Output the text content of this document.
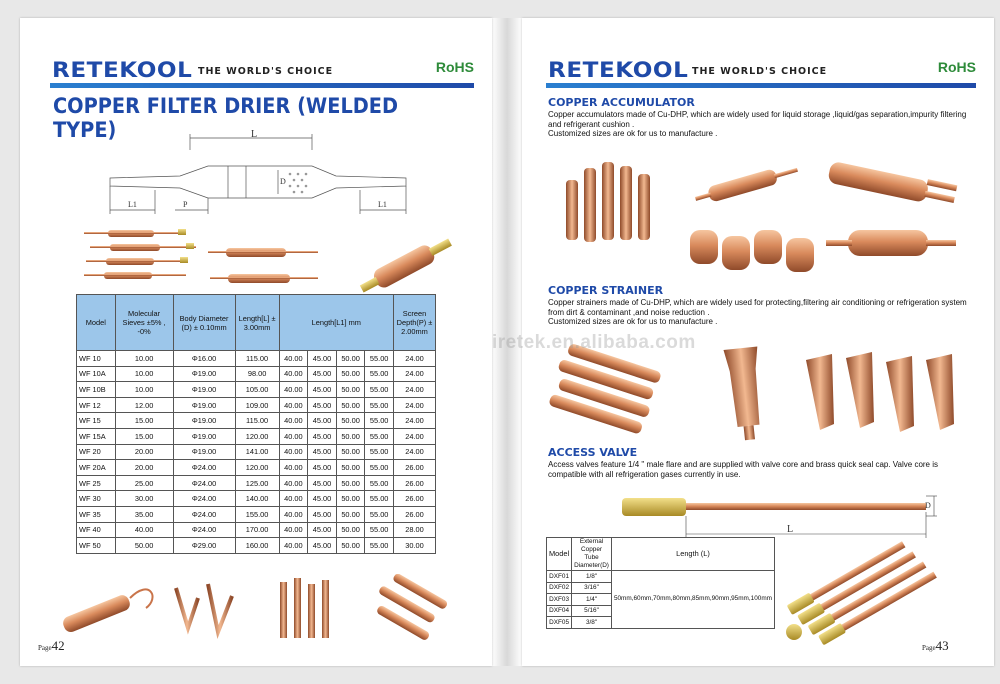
RETEKOOL THE WORLD'S CHOICE	RoHS
COPPER FILTER DRIER (WELDED TYPE)	L
L1	P
D
L1
Model	Molecular Sieves ±5% , -0%	Body Diameter (D) ± 0.10mm	Length[L] ± 3.00mm	Length[L1] mm				Screen Depth(P) ± 2.00mm
WF 10	10.00	Φ16.00	115.00	40.00	45.00	50.00	55.00	24.00
WF 10A	10.00	Φ19.00	98.00	40.00	45.00	50.00	55.00	24.00
WF 10B	10.00	Φ19.00	105.00	40.00	45.00	50.00	55.00	24.00
WF 12	12.00	Φ19.00	109.00	40.00	45.00	50.00	55.00	24.00
WF 15	15.00	Φ19.00	115.00	40.00	45.00	50.00	55.00	24.00
WF 15A	15.00	Φ19.00	120.00	40.00	45.00	50.00	55.00	24.00
WF 20	20.00	Φ19.00	141.00	40.00	45.00	50.00	55.00	24.00
WF 20A	20.00	Φ24.00	120.00	40.00	45.00	50.00	55.00	26.00
WF 25	25.00	Φ24.00	125.00	40.00	45.00	50.00	55.00	26.00
WF 30	30.00	Φ24.00	140.00	40.00	45.00	50.00	55.00	26.00
WF 35	35.00	Φ24.00	155.00	40.00	45.00	50.00	55.00	26.00
WF 40	40.00	Φ24.00	170.00	40.00	45.00	50.00	55.00	28.00
WF 50	50.00	Φ29.00	160.00	40.00	45.00	50.00	55.00	30.00
Page42
RETEKOOL THE WORLD'S CHOICE	RoHS
COPPER ACCUMULATOR
Copper accumulators made of Cu-DHP, which are widely used for liquid storage ,liquid/gas separation,impurity filtering and refrigerant cushion .
Customized sizes are ok for us to manufacture .
COPPER STRAINER
Copper strainers made of Cu-DHP, which are widely used for protecting,filtering air conditioning or refrigeration system from dirt & contaminant ,and noise reduction .
Customized sizes are ok for us to manufacture .
ACCESS VALVE
Access valves feature 1/4 " male flare and are supplied with valve core and brass quick seal cap. Valve core is compatible with all refrigeration gases currently in use.
L
D
Model	External Copper Tube Diameter(D)	Length (L)
DXF01	1/8"	50mm,60mm,70mm,80mm,85mm,90mm,95mm,100mm
DXF02	3/16"	
DXF03	1/4"	
DXF04	5/16"	
DXF05	3/8"	
Page43
iretek.en.alibaba.com
